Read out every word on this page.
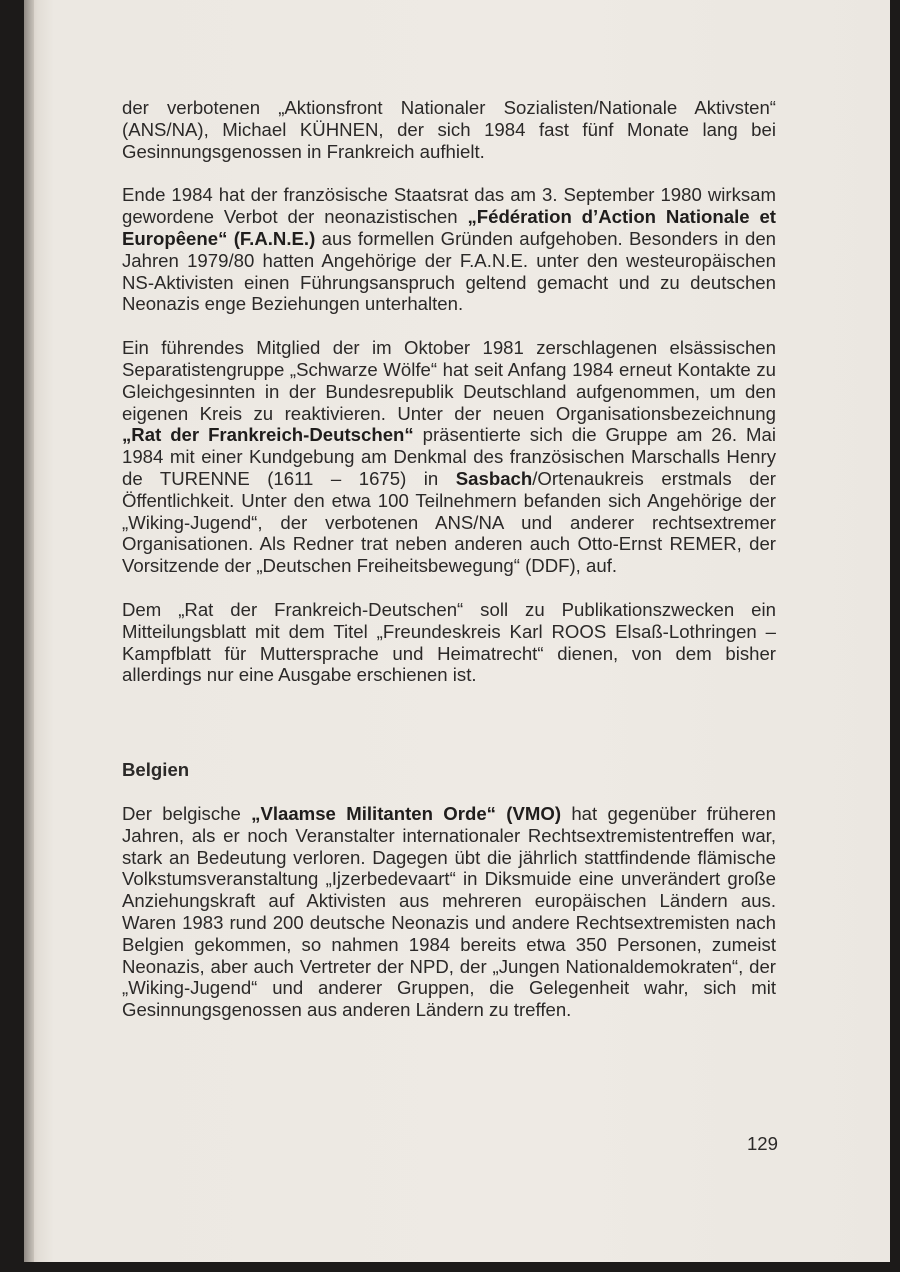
der verbotenen „Aktionsfront Nationaler Sozialisten/Nationale Aktivsten“ (ANS/NA), Michael KÜHNEN, der sich 1984 fast fünf Monate lang bei Gesinnungsgenossen in Frankreich aufhielt.

Ende 1984 hat der französische Staatsrat das am 3. September 1980 wirksam gewordene Verbot der neonazistischen „Fédération d’Action Nationale et Europêene“ (F.A.N.E.) aus formellen Gründen aufgehoben. Besonders in den Jahren 1979/80 hatten Angehörige der F.A.N.E. unter den westeuropäischen NS-Aktivisten einen Führungsanspruch geltend gemacht und zu deutschen Neonazis enge Beziehungen unterhalten.

Ein führendes Mitglied der im Oktober 1981 zerschlagenen elsässischen Separatistengruppe „Schwarze Wölfe“ hat seit Anfang 1984 erneut Kontakte zu Gleichgesinnten in der Bundesrepublik Deutschland aufgenommen, um den eigenen Kreis zu reaktivieren. Unter der neuen Organisationsbezeichnung „Rat der Frankreich-Deutschen“ präsentierte sich die Gruppe am 26. Mai 1984 mit einer Kundgebung am Denkmal des französischen Marschalls Henry de TURENNE (1611 – 1675) in Sasbach/Ortenaukreis erstmals der Öffentlichkeit. Unter den etwa 100 Teilnehmern befanden sich Angehörige der „Wiking-Jugend“, der verbotenen ANS/NA und anderer rechtsextremer Organisationen. Als Redner trat neben anderen auch Otto-Ernst REMER, der Vorsitzende der „Deutschen Freiheitsbewegung“ (DDF), auf.

Dem „Rat der Frankreich-Deutschen“ soll zu Publikationszwecken ein Mitteilungsblatt mit dem Titel „Freundeskreis Karl ROOS Elsaß-Lothringen – Kampfblatt für Muttersprache und Heimatrecht“ dienen, von dem bisher allerdings nur eine Ausgabe erschienen ist.

Belgien

Der belgische „Vlaamse Militanten Orde“ (VMO) hat gegenüber früheren Jahren, als er noch Veranstalter internationaler Rechtsextremistentreffen war, stark an Bedeutung verloren. Dagegen übt die jährlich stattfindende flämische Volkstumsveranstaltung „Ijzerbedevaart“ in Diksmuide eine unverändert große Anziehungskraft auf Aktivisten aus mehreren europäischen Ländern aus. Waren 1983 rund 200 deutsche Neonazis und andere Rechtsextremisten nach Belgien gekommen, so nahmen 1984 bereits etwa 350 Personen, zumeist Neonazis, aber auch Vertreter der NPD, der „Jungen Nationaldemokraten“, der „Wiking-Jugend“ und anderer Gruppen, die Gelegenheit wahr, sich mit Gesinnungsgenossen aus anderen Ländern zu treffen.

129
